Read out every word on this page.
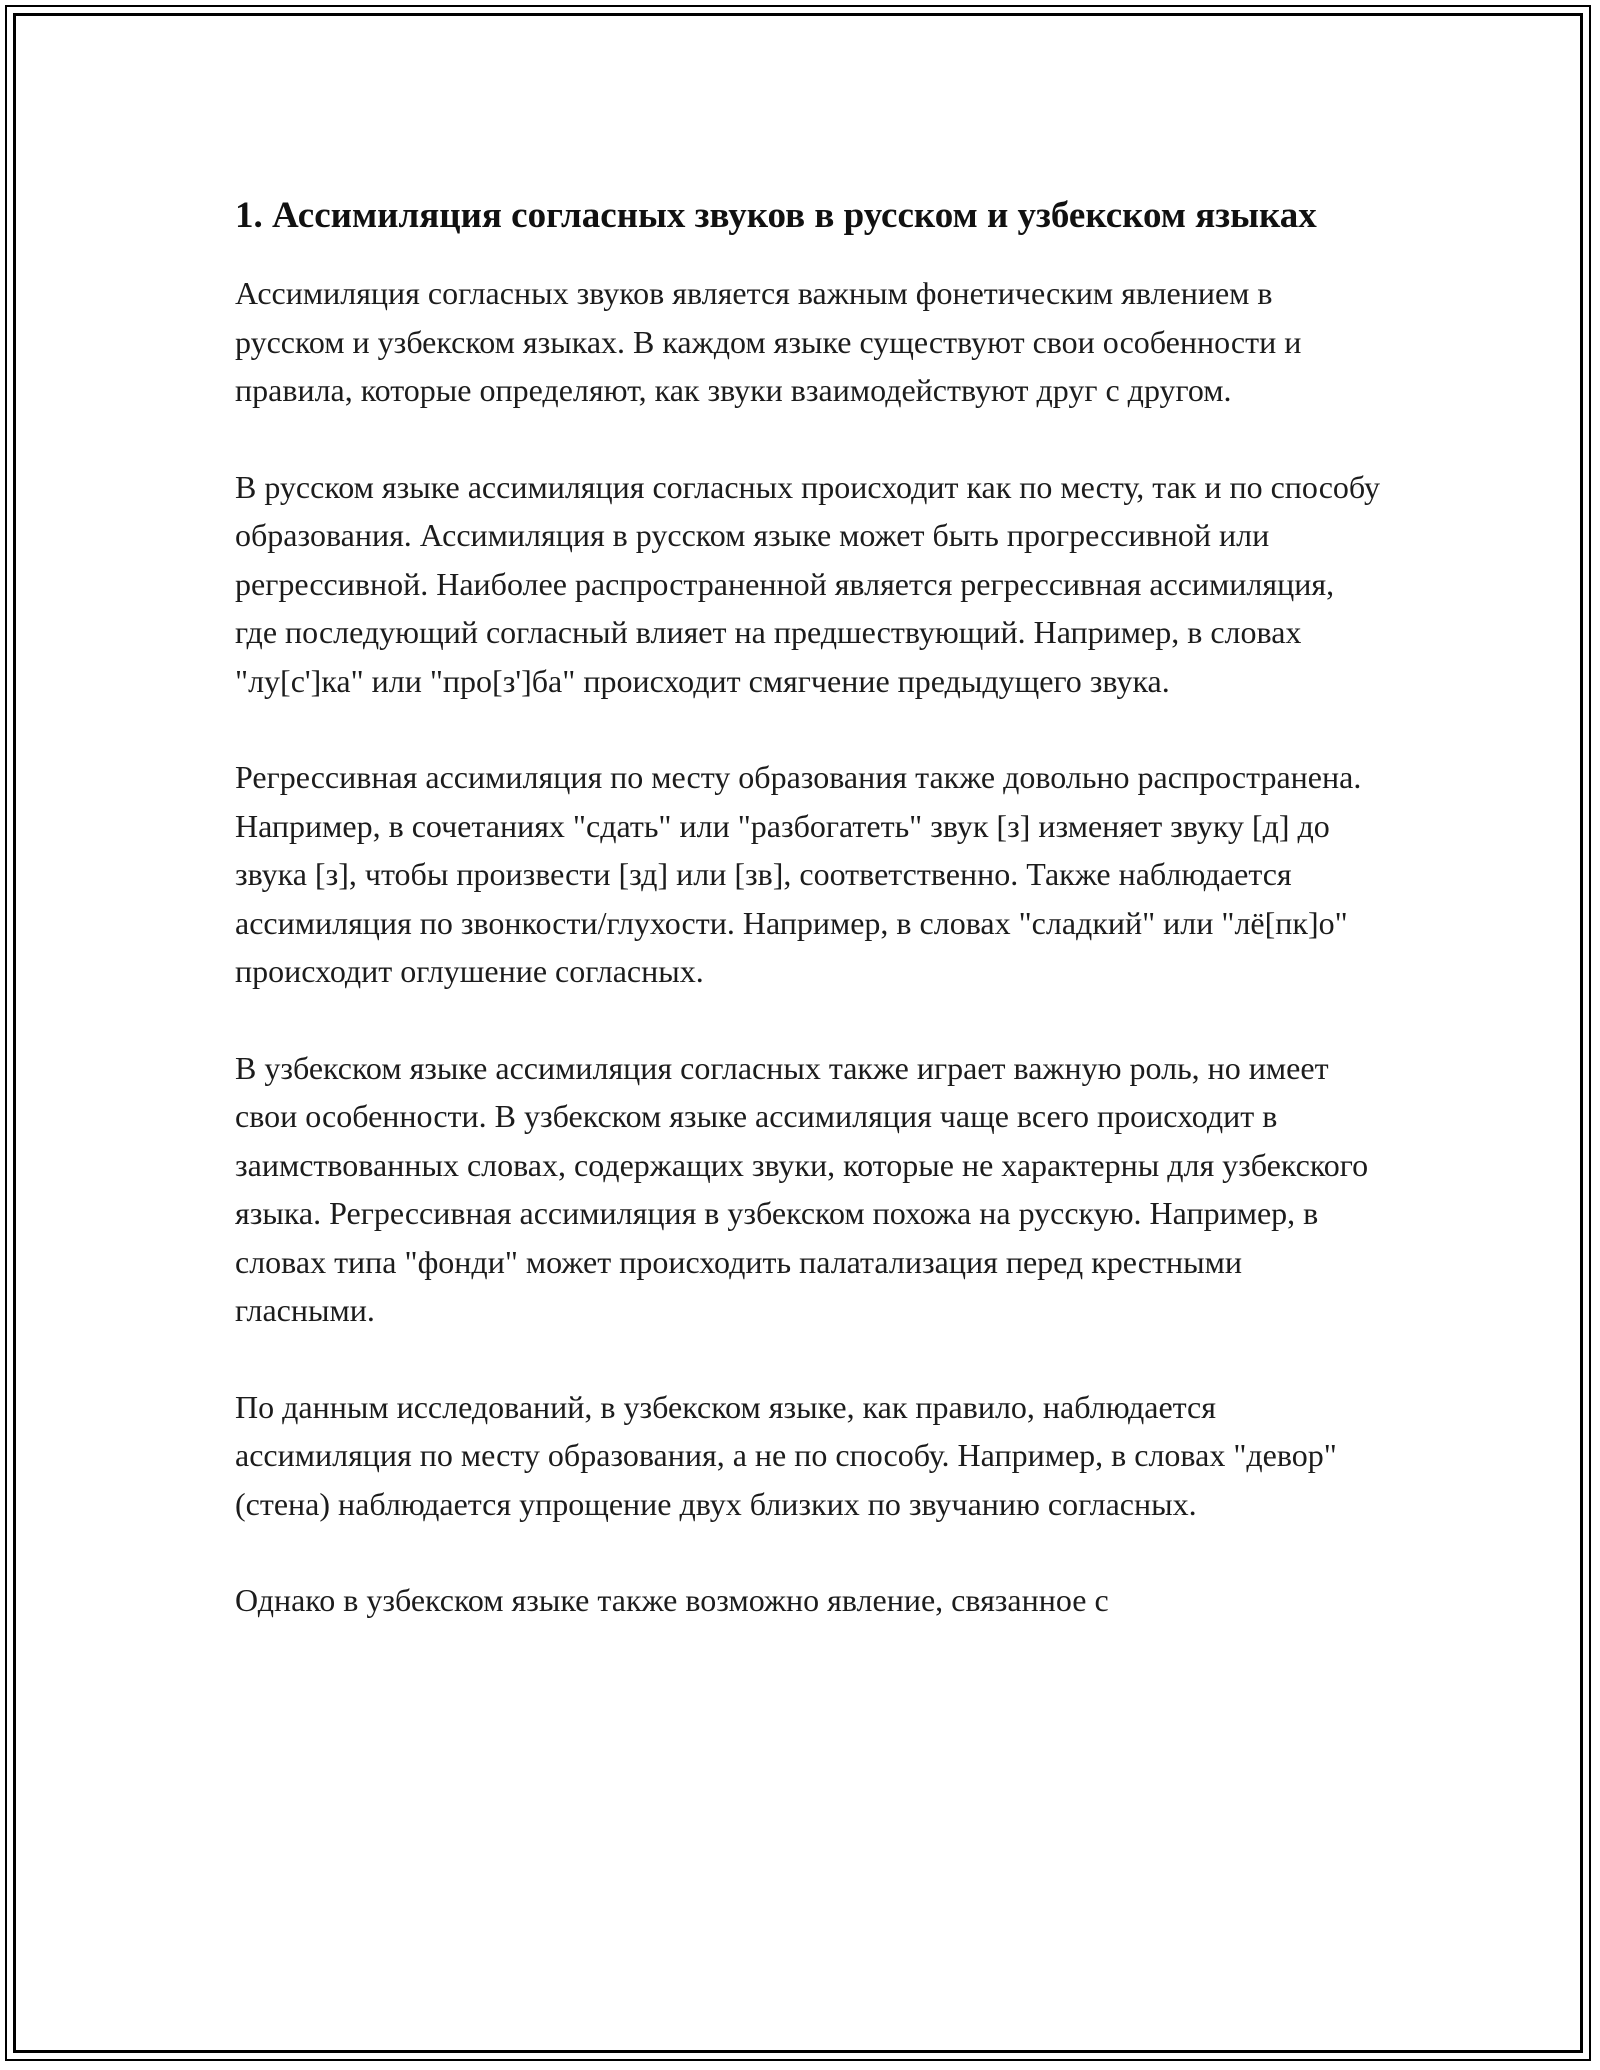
1. Ассимиляция согласных звуков в русском и узбекском языках

Ассимиляция согласных звуков является важным фонетическим явлением в русском и узбекском языках. В каждом языке существуют свои особенности и правила, которые определяют, как звуки взаимодействуют друг с другом.

В русском языке ассимиляция согласных происходит как по месту, так и по способу образования. Ассимиляция в русском языке может быть прогрессивной или регрессивной. Наиболее распространенной является регрессивная ассимиляция, где последующий согласный влияет на предшествующий. Например, в словах "лу[с']ка" или "про[з']ба" происходит смягчение предыдущего звука.

Регрессивная ассимиляция по месту образования также довольно распространена. Например, в сочетаниях "сдать" или "разбогатеть" звук [з] изменяет звуку [д] до звука [з], чтобы произвести [зд] или [зв], соответственно. Также наблюдается ассимиляция по звонкости/глухости. Например, в словах "сладкий" или "лё[пк]о" происходит оглушение согласных.

В узбекском языке ассимиляция согласных также играет важную роль, но имеет свои особенности. В узбекском языке ассимиляция чаще всего происходит в заимствованных словах, содержащих звуки, которые не характерны для узбекского языка. Регрессивная ассимиляция в узбекском похожа на русскую. Например, в словах типа "фонди" может происходить палатализация перед крестными гласными.

По данным исследований, в узбекском языке, как правило, наблюдается ассимиляция по месту образования, а не по способу. Например, в словах "девор" (стена) наблюдается упрощение двух близких по звучанию согласных.

Однако в узбекском языке также возможно явление, связанное с
